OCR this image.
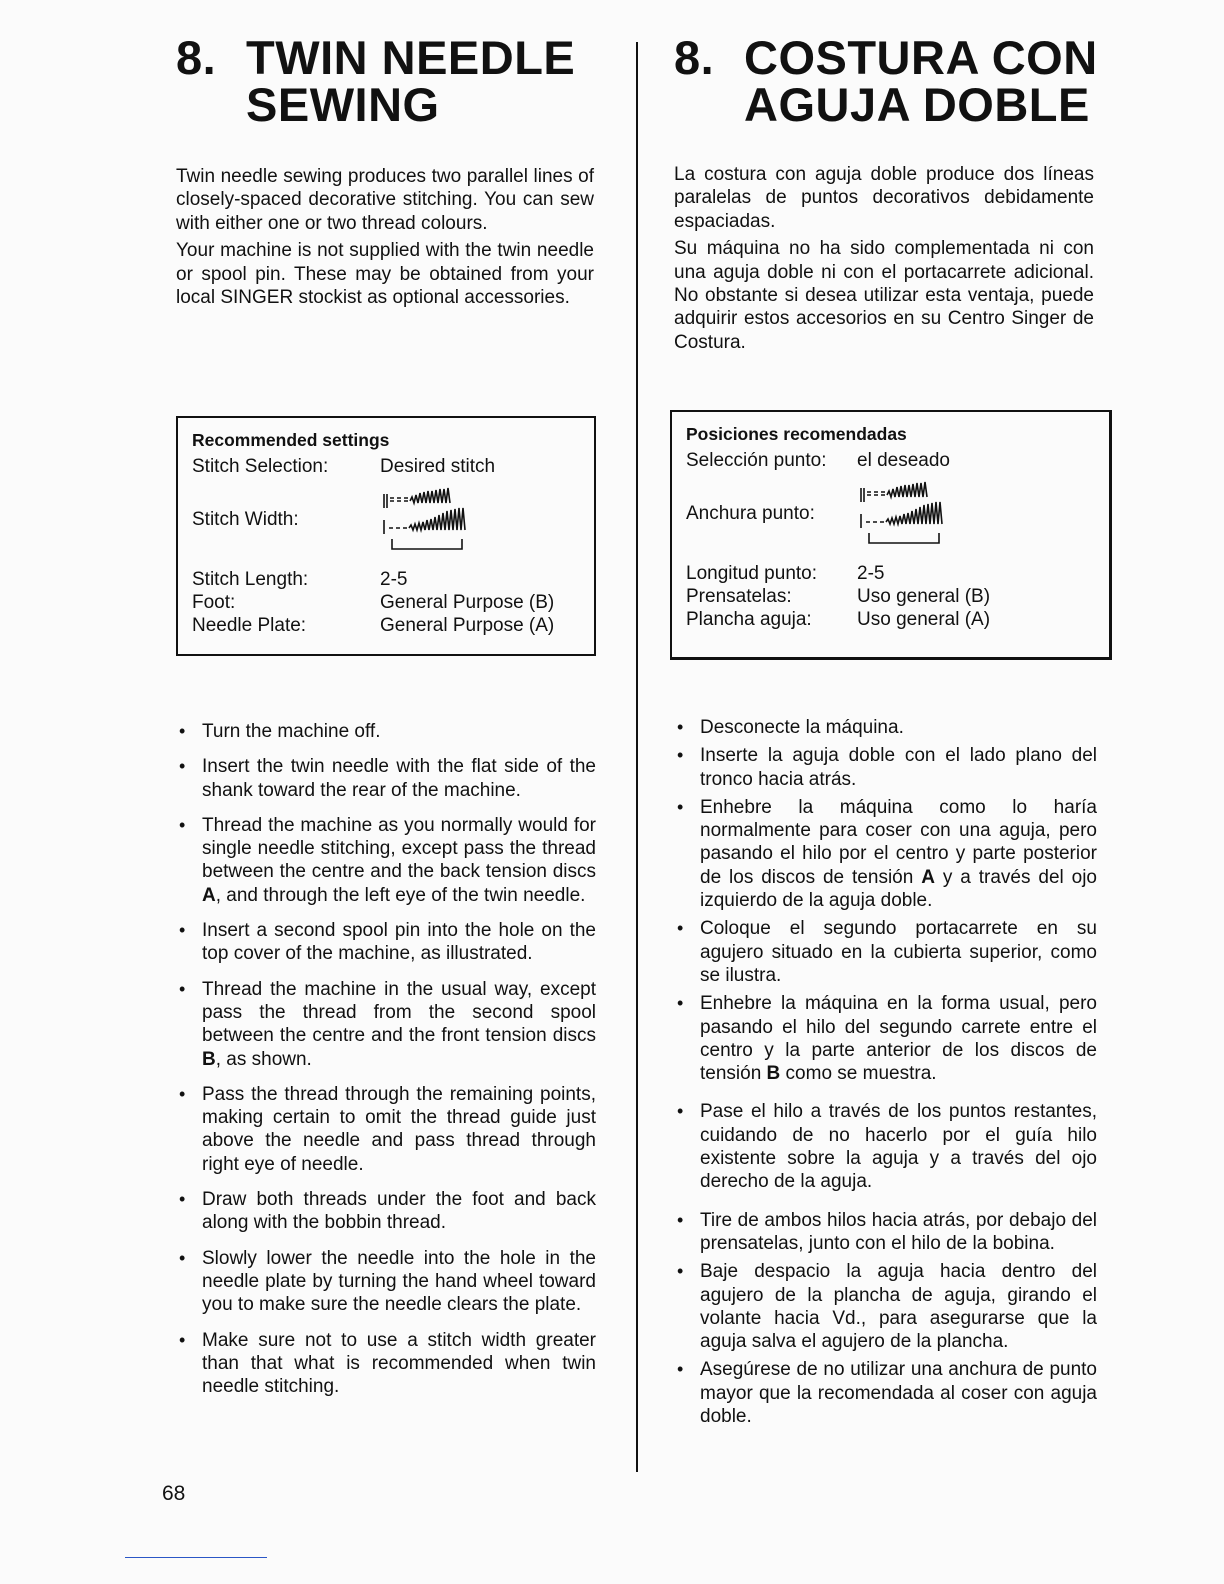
8. TWIN NEEDLE
SEWING

Twin needle sewing produces two parallel lines of closely-spaced decorative stitching. You can sew with either one or two thread colours.

Your machine is not supplied with the twin needle or spool pin. These may be obtained from your local SINGER stockist as optional accessories.

Recommended settings
Stitch Selection:	Desired stitch
Stitch Width:
Stitch Length:	2-5
Foot:	General Purpose (B)
Needle Plate:	General Purpose (A)
• Turn the machine off.
• Insert the twin needle with the flat side of the shank toward the rear of the machine.
• Thread the machine as you normally would for single needle stitching, except pass the thread between the centre and the back tension discs A, and through the left eye of the twin needle.
• Insert a second spool pin into the hole on the top cover of the machine, as illustrated.
• Thread the machine in the usual way, except pass the thread from the second spool between the centre and the front tension discs B, as shown.
• Pass the thread through the remaining points, making certain to omit the thread guide just above the needle and pass thread through right eye of needle.
• Draw both threads under the foot and back along with the bobbin thread.
• Slowly lower the needle into the hole in the needle plate by turning the hand wheel toward you to make sure the needle clears the plate.
• Make sure not to use a stitch width greater than that what is recommended when twin needle stitching.
8. COSTURA CON
AGUJA DOBLE

La costura con aguja doble produce dos líneas paralelas de puntos decorativos debidamente espaciadas.

Su máquina no ha sido complementada ni con una aguja doble ni con el portacarrete adicional. No obstante si desea utilizar esta ventaja, puede adquirir estos accesorios en su Centro Singer de Costura.

Posiciones recomendadas
Selección punto:	el deseado
Anchura punto:
Longitud punto:	2-5
Prensatelas:	Uso general (B)
Plancha aguja:	Uso general (A)
• Desconecte la máquina.
• Inserte la aguja doble con el lado plano del tronco hacia atrás.
• Enhebre la máquina como lo haría normalmente para coser con una aguja, pero pasando el hilo por el centro y parte posterior de los discos de tensión A y a través del ojo izquierdo de la aguja doble.
• Coloque el segundo portacarrete en su agujero situado en la cubierta superior, como se ilustra.
• Enhebre la máquina en la forma usual, pero pasando el hilo del segundo carrete entre el centro y la parte anterior de los discos de tensión B como se muestra.
• Pase el hilo a través de los puntos restantes, cuidando de no hacerlo por el guía hilo existente sobre la aguja y a través del ojo derecho de la aguja.
• Tire de ambos hilos hacia atrás, por debajo del prensatelas, junto con el hilo de la bobina.
• Baje despacio la aguja hacia dentro del agujero de la plancha de aguja, girando el volante hacia Vd., para asegurarse que la aguja salva el agujero de la plancha.
• Asegúrese de no utilizar una anchura de punto mayor que la recomendada al coser con aguja doble.
68
